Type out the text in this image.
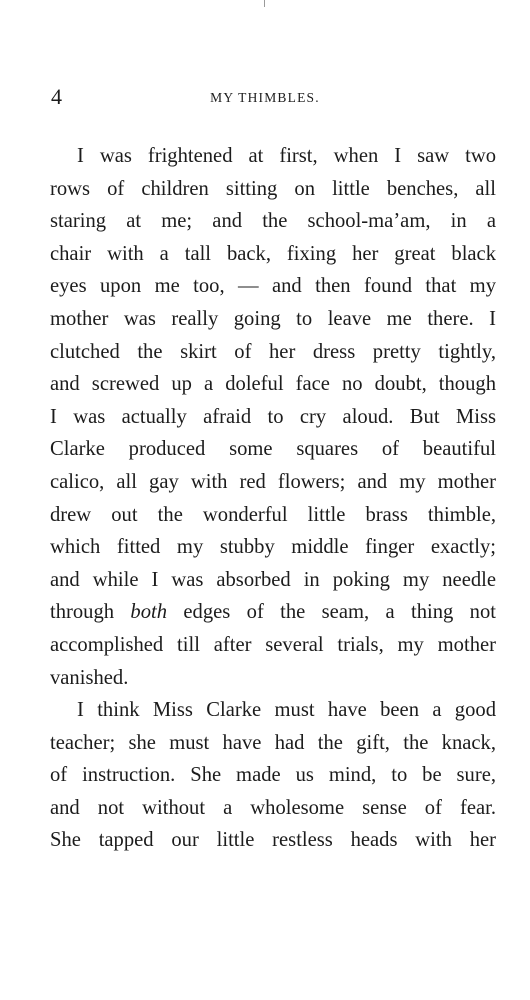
4	MY THIMBLES.
I was frightened at first, when I saw two
rows of children sitting on little benches, all
staring at me; and the school-ma’am, in a
chair with a tall back, fixing her great black
eyes upon me too, — and then found that my
mother was really going to leave me there. I
clutched the skirt of her dress pretty tightly,
and screwed up a doleful face no doubt, though
I was actually afraid to cry aloud. But Miss
Clarke produced some squares of beautiful
calico, all gay with red flowers; and my mother
drew out the wonderful little brass thimble,
which fitted my stubby middle finger exactly;
and while I was absorbed in poking my needle
through both edges of the seam, a thing not
accomplished till after several trials, my mother
vanished.
I think Miss Clarke must have been a good
teacher; she must have had the gift, the knack,
of instruction. She made us mind, to be sure,
and not without a wholesome sense of fear.
She tapped our little restless heads with her
